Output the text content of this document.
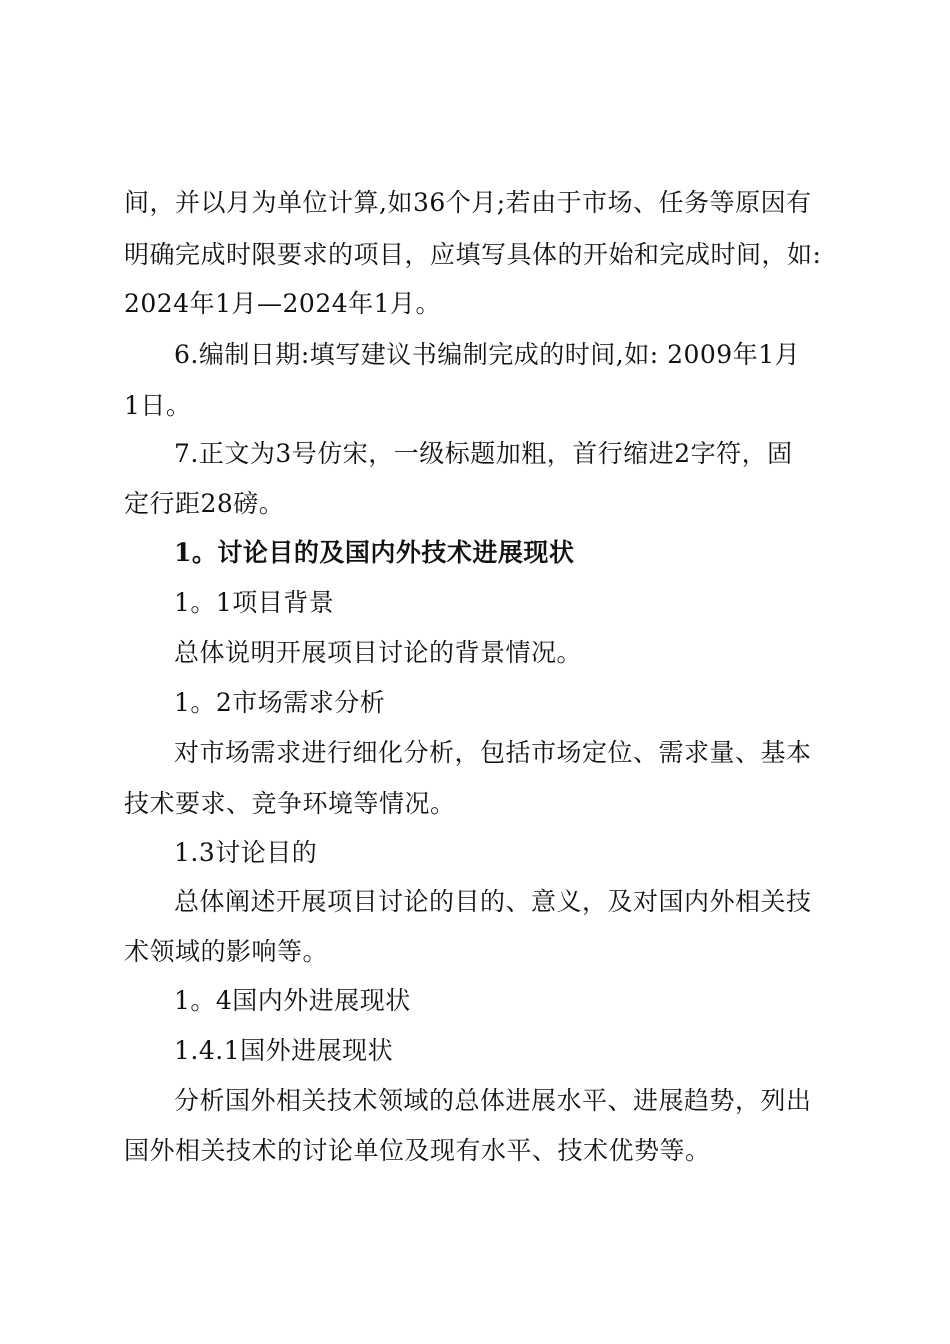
间，并以月为单位计算,如36个月;若由于市场、任务等原因有
明确完成时限要求的项目，应填写具体的开始和完成时间，如:
2024年1月—2024年1月。
6.编制日期:填写建议书编制完成的时间,如: 2009年1月
1日。
7.正文为3号仿宋，一级标题加粗，首行缩进2字符，固
定行距28磅。
1。讨论目的及国内外技术进展现状
1。1项目背景
总体说明开展项目讨论的背景情况。
1。2市场需求分析
对市场需求进行细化分析，包括市场定位、需求量、基本
技术要求、竞争环境等情况。
1.3讨论目的
总体阐述开展项目讨论的目的、意义，及对国内外相关技
术领域的影响等。
1。4国内外进展现状
1.4.1国外进展现状
分析国外相关技术领域的总体进展水平、进展趋势，列出
国外相关技术的讨论单位及现有水平、技术优势等。
